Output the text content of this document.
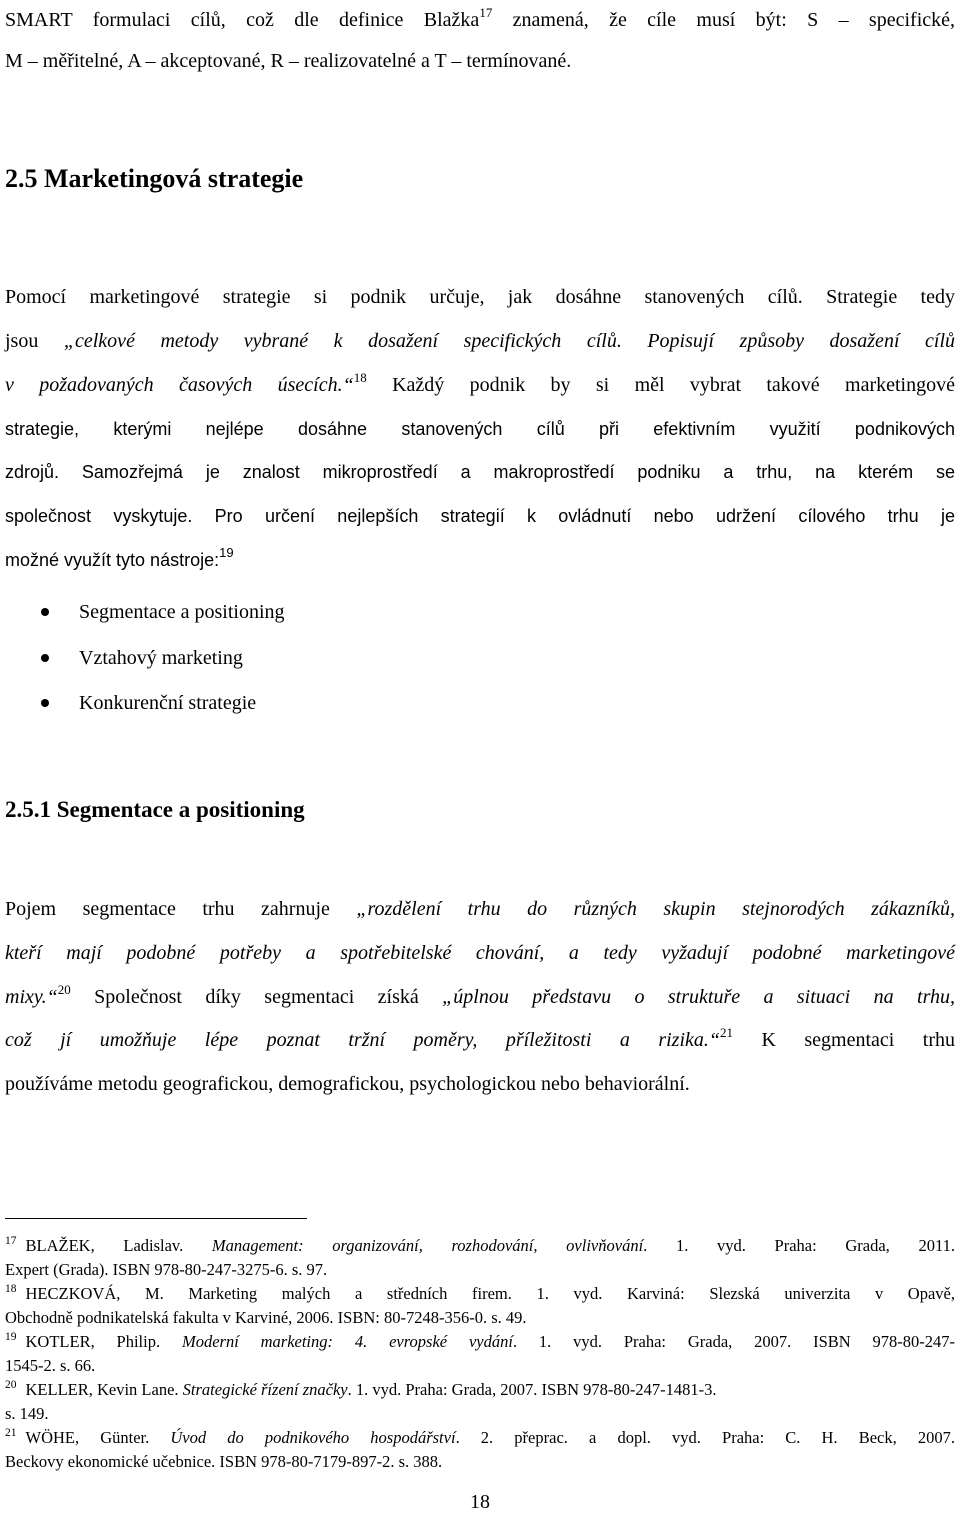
SMART formulaci cílů, což dle definice Blažka$^{17}$ znamená, že cíle musí být: S – specifické,
M – měřitelné, A – akceptované, R – realizovatelné a T – termínované.
2.5 Marketingová strategie
Pomocí marketingové strategie si podnik určuje, jak dosáhne stanovených cílů. Strategie tedy
jsou „celkové metody vybrané k dosažení specifických cílů. Popisují způsoby dosažení cílů
v požadovaných časových úsecích.“$^{18}$ Každý podnik by si měl vybrat takové marketingové
strategie, kterými nejlépe dosáhne stanovených cílů při efektivním využití podnikových
zdrojů. Samozřejmá je znalost mikroprostředí a makroprostředí podniku a trhu, na kterém se
společnost vyskytuje. Pro určení nejlepších strategií k ovládnutí nebo udržení cílového trhu je
možné využít tyto nástroje:$^{19}$
Segmentace a positioning
Vztahový marketing
Konkurenční strategie
2.5.1 Segmentace a positioning
Pojem segmentace trhu zahrnuje „rozdělení trhu do různých skupin stejnorodých zákazníků,
kteří mají podobné potřeby a spotřebitelské chování, a tedy vyžadují podobné marketingové
mixy.“$^{20}$ Společnost díky segmentaci získá „úplnou představu o struktuře a situaci na trhu,
což jí umožňuje lépe poznat tržní poměry, příležitosti a rizika.“$^{21}$ K segmentaci trhu
používáme metodu geografickou, demografickou, psychologickou nebo behaviorální.
$^{17}$ BLAŽEK, Ladislav. Management: organizování, rozhodování, ovlivňování. 1. vyd. Praha: Grada, 2011.
Expert (Grada). ISBN 978-80-247-3275-6. s. 97.
$^{18}$ HECZKOVÁ, M. Marketing malých a středních firem. 1. vyd. Karviná: Slezská univerzita v Opavě,
Obchodně podnikatelská fakulta v Karviné, 2006. ISBN: 80-7248-356-0. s. 49.
$^{19}$ KOTLER, Philip. Moderní marketing: 4. evropské vydání. 1. vyd. Praha: Grada, 2007. ISBN 978-80-247-
1545-2. s. 66.
$^{20}$ KELLER, Kevin Lane. Strategické řízení značky. 1. vyd. Praha: Grada, 2007. ISBN 978-80-247-1481-3.
s. 149.
$^{21}$ WÖHE, Günter. Úvod do podnikového hospodářství. 2. přeprac. a dopl. vyd. Praha: C. H. Beck, 2007.
Beckovy ekonomické učebnice. ISBN 978-80-7179-897-2. s. 388.
18
